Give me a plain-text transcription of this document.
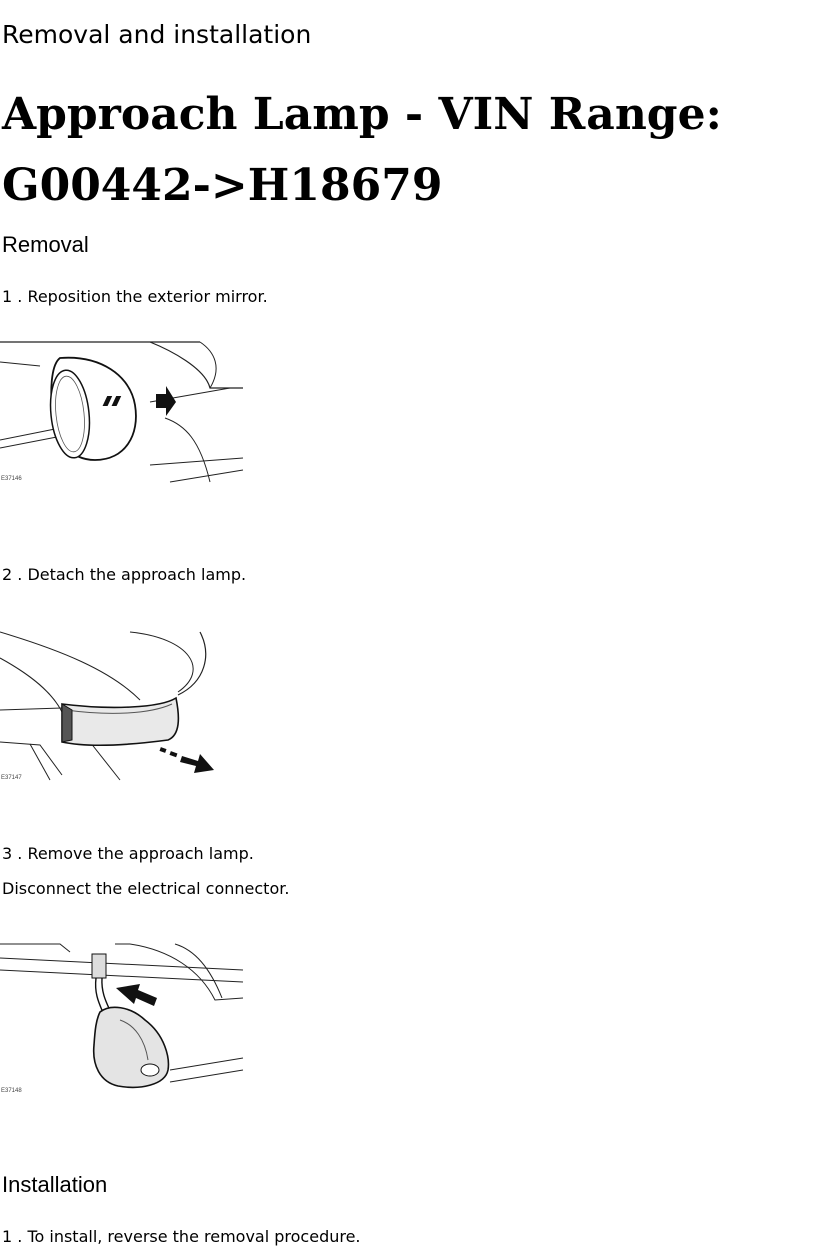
Removal and installation
Approach Lamp - VIN Range: G00442->H18679
Removal
1 . Reposition the exterior mirror.
E37146
2 . Detach the approach lamp.
E37147
3 . Remove the approach lamp.
Disconnect the electrical connector.
E37148
Installation
1 . To install, reverse the removal procedure.
